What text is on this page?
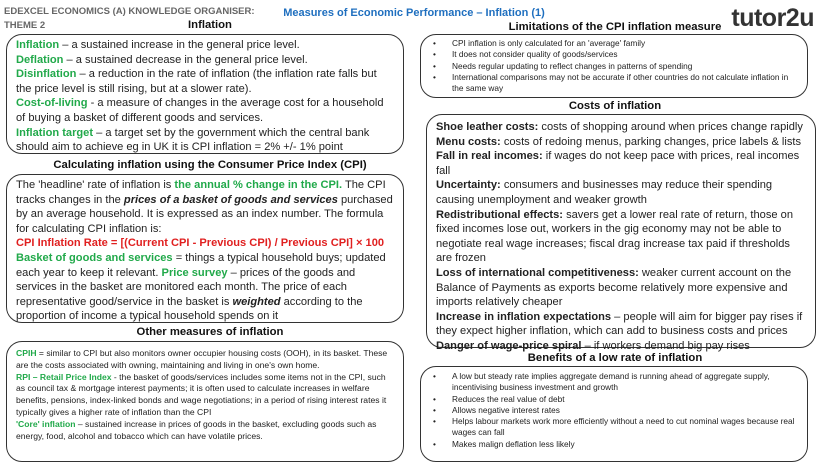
EDEXCEL ECONOMICS (A) KNOWLEDGE ORGANISER:
THEME 2
Measures of Economic Performance – Inflation (1)	tutor2u
Inflation
Inflation – a sustained increase in the general price level.
Deflation – a sustained decrease in the general price level.
Disinflation – a reduction in the rate of inflation (the inflation rate falls but the price level is still rising, but at a slower rate).
Cost-of-living - a measure of changes in the average cost for a household of buying a basket of different goods and services.
Inflation target – a target set by the government which the central bank should aim to achieve eg in UK it is CPI inflation = 2% +/- 1% point
Calculating inflation using the Consumer Price Index (CPI)
The 'headline' rate of inflation is the annual % change in the CPI. The CPI tracks changes in the prices of a basket of goods and services purchased by an average household. It is expressed as an index number. The formula for calculating CPI inflation is:
CPI Inflation Rate = [(Current CPI - Previous CPI) / Previous CPI] × 100
Basket of goods and services = things a typical household buys; updated each year to keep it relevant. Price survey – prices of the goods and services in the basket are monitored each month. The price of each representative good/service in the basket is weighted according to the proportion of income a typical household spends on it
Other measures of inflation
CPIH = similar to CPI but also monitors owner occupier housing costs (OOH), in its basket. These are the costs associated with owning, maintaining and living in one's own home.
RPI – Retail Price Index - the basket of goods/services includes some items not in the CPI, such as council tax & mortgage interest payments; it is often used to calculate increases in welfare benefits, pensions, index-linked bonds and wage negotiations; in a period of rising interest rates it typically gives a higher rate of inflation than the CPI
'Core' inflation – sustained increase in prices of goods in the basket, excluding goods such as energy, food, alcohol and tobacco which can have volatile prices.
Limitations of the CPI inflation measure
• CPI inflation is only calculated for an 'average' family
• It does not consider quality of goods/services
• Needs regular updating to reflect changes in patterns of spending
• International comparisons may not be accurate if other countries do not calculate inflation in the same way
Costs of inflation
Shoe leather costs: costs of shopping around when prices change rapidly
Menu costs: costs of redoing menus, parking changes, price labels & lists
Fall in real incomes: if wages do not keep pace with prices, real incomes fall
Uncertainty: consumers and businesses may reduce their spending causing unemployment and weaker growth
Redistributional effects: savers get a lower real rate of return, those on fixed incomes lose out, workers in the gig economy may not be able to negotiate real wage increases; fiscal drag increase tax paid if thresholds are frozen
Loss of international competitiveness: weaker current account on the Balance of Payments as exports become relatively more expensive and imports relatively cheaper
Increase in inflation expectations – people will aim for bigger pay rises if they expect higher inflation, which can add to business costs and prices
Danger of wage-price spiral – if workers demand big pay rises
Benefits of a low rate of inflation
• A low but steady rate implies aggregate demand is running ahead of aggregate supply, incentivising business investment and growth
• Reduces the real value of debt
• Allows negative interest rates
• Helps labour markets work more efficiently without a need to cut nominal wages because real wages can fall
• Makes malign deflation less likely
